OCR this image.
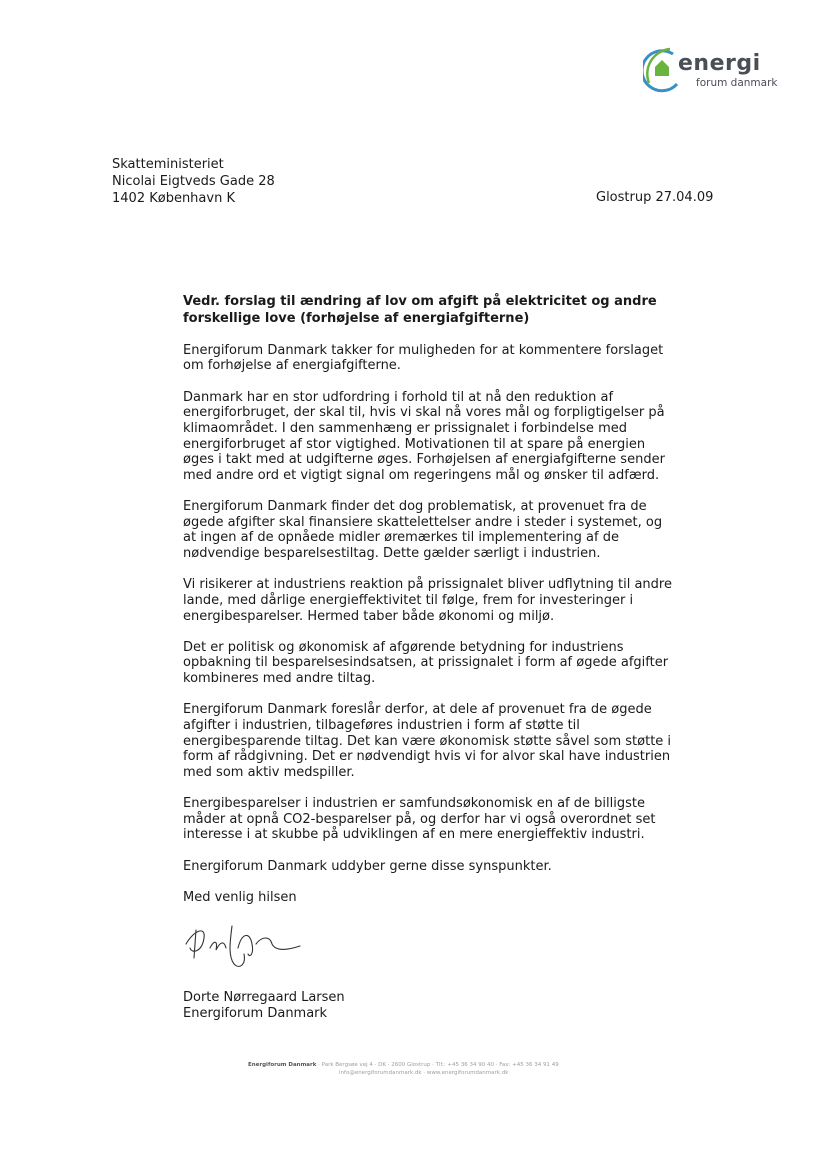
energi
forum danmark
Skatteministeriet
Nicolai Eigtveds Gade 28
1402 København K	Glostrup 27.04.09

Vedr. forslag til ændring af lov om afgift på elektricitet og andre
forskellige love (forhøjelse af energiafgifterne)

Energiforum Danmark takker for muligheden for at kommentere forslaget
om forhøjelse af energiafgifterne.

Danmark har en stor udfordring i forhold til at nå den reduktion af
energiforbruget, der skal til, hvis vi skal nå vores mål og forpligtigelser på
klimaområdet. I den sammenhæng er prissignalet i forbindelse med
energiforbruget af stor vigtighed. Motivationen til at spare på energien
øges i takt med at udgifterne øges. Forhøjelsen af energiafgifterne sender
med andre ord et vigtigt signal om regeringens mål og ønsker til adfærd.

Energiforum Danmark finder det dog problematisk, at provenuet fra de
øgede afgifter skal finansiere skattelettelser andre i steder i systemet, og
at ingen af de opnåede midler øremærkes til implementering af de
nødvendige besparelsestiltag. Dette gælder særligt i industrien.

Vi risikerer at industriens reaktion på prissignalet bliver udflytning til andre
lande, med dårlige energieffektivitet til følge, frem for investeringer i
energibesparelser. Hermed taber både økonomi og miljø.

Det er politisk og økonomisk af afgørende betydning for industriens
opbakning til besparelsesindsatsen, at prissignalet i form af øgede afgifter
kombineres med andre tiltag.

Energiforum Danmark foreslår derfor, at dele af provenuet fra de øgede
afgifter i industrien, tilbageføres industrien i form af støtte til
energibesparende tiltag. Det kan være økonomisk støtte såvel som støtte i
form af rådgivning. Det er nødvendigt hvis vi for alvor skal have industrien
med som aktiv medspiller.

Energibesparelser i industrien er samfundsøkonomisk en af de billigste
måder at opnå CO2-besparelser på, og derfor har vi også overordnet set
interesse i at skubbe på udviklingen af en mere energieffektiv industri.

Energiforum Danmark uddyber gerne disse synspunkter.

Med venlig hilsen

Dorte Nørregaard Larsen
Energiforum Danmark
Energiforum Danmark · Park Bergsøe vej 4 · DK · 2600 Glostrup · Tlf.: +45 36 34 90 40 · Fax: +45 36 34 91 49
info@energiforumdanmark.dk · www.energiforumdanmark.dk
